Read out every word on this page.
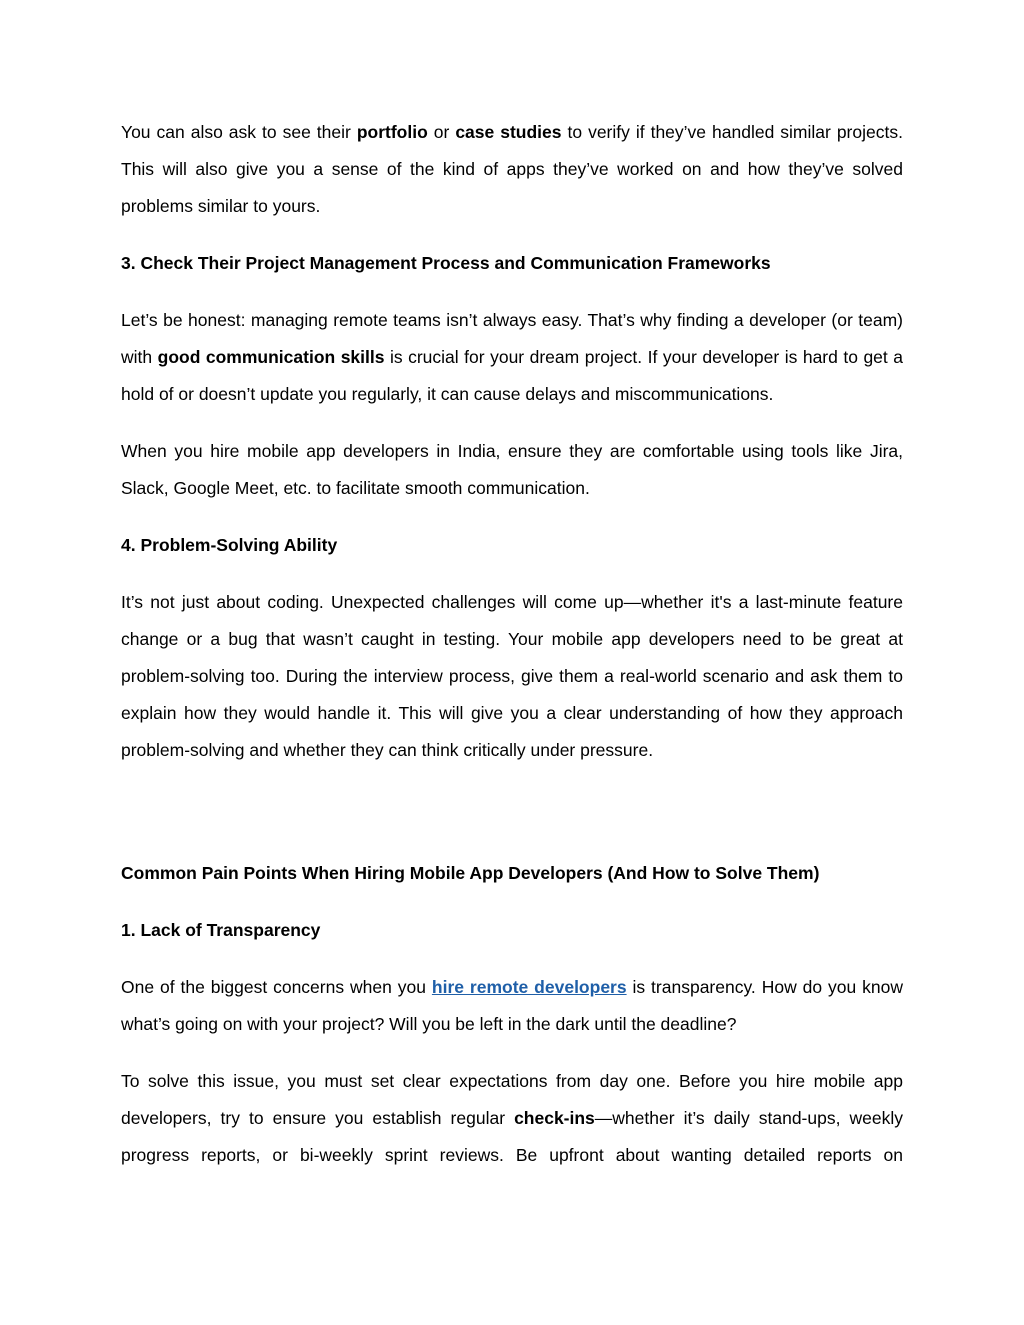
You can also ask to see their portfolio or case studies to verify if they’ve handled similar projects. This will also give you a sense of the kind of apps they’ve worked on and how they’ve solved problems similar to yours.

3. Check Their Project Management Process and Communication Frameworks

Let’s be honest: managing remote teams isn’t always easy. That’s why finding a developer (or team) with good communication skills is crucial for your dream project. If your developer is hard to get a hold of or doesn’t update you regularly, it can cause delays and miscommunications.

When you hire mobile app developers in India, ensure they are comfortable using tools like Jira, Slack, Google Meet, etc. to facilitate smooth communication.

4. Problem-Solving Ability

It’s not just about coding. Unexpected challenges will come up—whether it's a last-minute feature change or a bug that wasn’t caught in testing. Your mobile app developers need to be great at problem-solving too. During the interview process, give them a real-world scenario and ask them to explain how they would handle it. This will give you a clear understanding of how they approach problem-solving and whether they can think critically under pressure.

Common Pain Points When Hiring Mobile App Developers (And How to Solve Them)
1. Lack of Transparency

One of the biggest concerns when you hire remote developers is transparency. How do you know what’s going on with your project? Will you be left in the dark until the deadline?

To solve this issue, you must set clear expectations from day one. Before you hire mobile app developers, try to ensure you establish regular check-ins—whether it’s daily stand-ups, weekly progress reports, or bi-weekly sprint reviews. Be upfront about wanting detailed reports on
